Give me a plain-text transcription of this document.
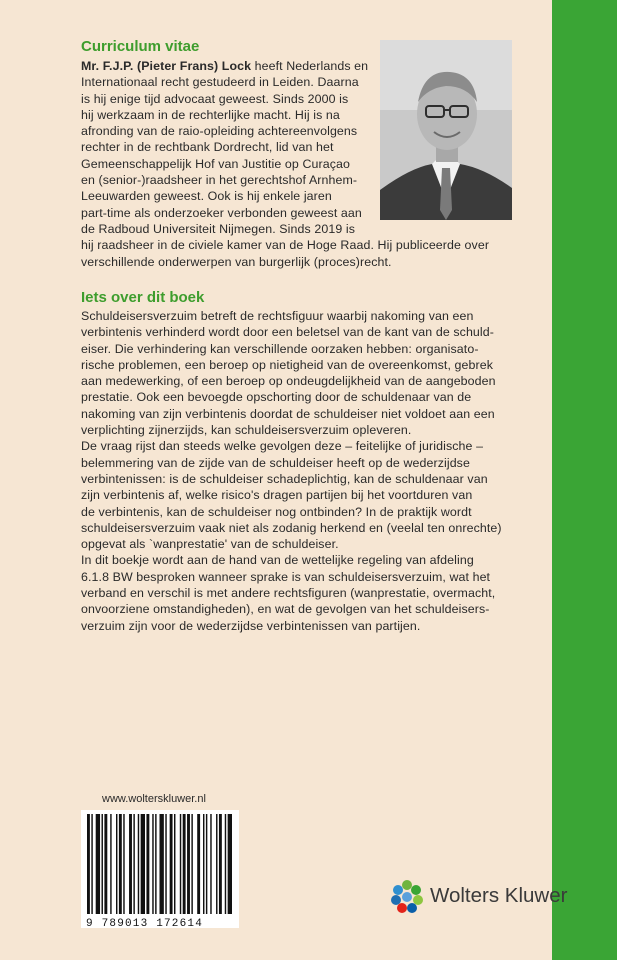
Curriculum vitae
Mr. F.J.P. (Pieter Frans) Lock heeft Nederlands en
Internationaal recht gestudeerd in Leiden. Daarna
is hij enige tijd advocaat geweest. Sinds 2000 is
hij werkzaam in de rechterlijke macht. Hij is na
afronding van de raio-opleiding achtereenvolgens
rechter in de rechtbank Dordrecht, lid van het
Gemeenschappelijk Hof van Justitie op Curaçao
en (senior-)raadsheer in het gerechtshof Arnhem-
Leeuwarden geweest. Ook is hij enkele jaren
part-time als onderzoeker verbonden geweest aan
de Radboud Universiteit Nijmegen. Sinds 2019 is
hij raadsheer in de civiele kamer van de Hoge Raad. Hij publiceerde over
verschillende onderwerpen van burgerlijk (proces)recht.
Iets over dit boek

Schuldeisersverzuim betreft de rechtsfiguur waarbij nakoming van een
verbintenis verhinderd wordt door een beletsel van de kant van de schuld-
eiser. Die verhindering kan verschillende oorzaken hebben: organisato-
rische problemen, een beroep op nietigheid van de overeenkomst, gebrek
aan medewerking, of een beroep op ondeugdelijkheid van de aangeboden
prestatie. Ook een bevoegde opschorting door de schuldenaar van de
nakoming van zijn verbintenis doordat de schuldeiser niet voldoet aan een
verplichting zijnerzijds, kan schuldeisersverzuim opleveren.

De vraag rijst dan steeds welke gevolgen deze – feitelijke of juridische –
belemmering van de zijde van de schuldeiser heeft op de wederzijdse
verbintenissen: is de schuldeiser schadeplichtig, kan de schuldenaar van
zijn verbintenis af, welke risico's dragen partijen bij het voortduren van
de verbintenis, kan de schuldeiser nog ontbinden? In de praktijk wordt
schuldeisersverzuim vaak niet als zodanig herkend en (veelal ten onrechte)
opgevat als `wanprestatie' van de schuldeiser.

In dit boekje wordt aan de hand van de wettelijke regeling van afdeling
6.1.8 BW besproken wanneer sprake is van schuldeisersverzuim, wat het
verband en verschil is met andere rechtsfiguren (wanprestatie, overmacht,
onvoorziene omstandigheden), en wat de gevolgen van het schuldeisers-
verzuim zijn voor de wederzijdse verbintenissen van partijen.

www.wolterskluwer.nl
9 789013 172614
Wolters Kluwer
